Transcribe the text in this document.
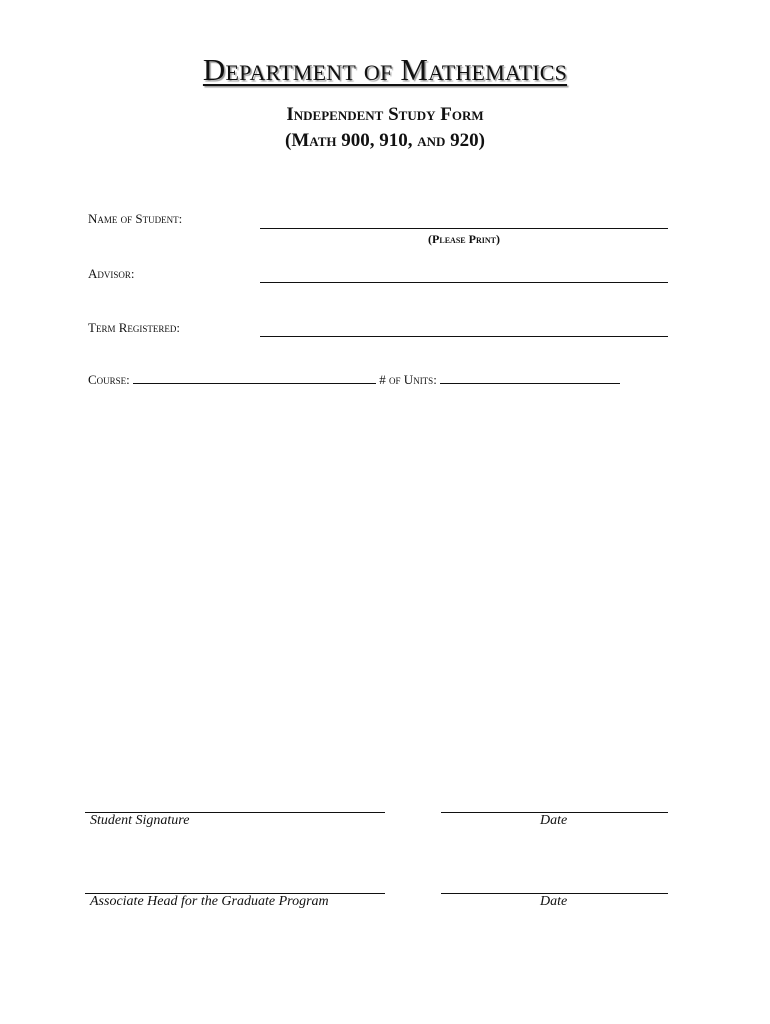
Department of Mathematics
Independent Study Form
(Math 900, 910, and 920)
Name of Student:
(Please Print)
Advisor:
Term Registered:
Course:	# of Units:
Student Signature	Date
Associate Head for the Graduate Program	Date
